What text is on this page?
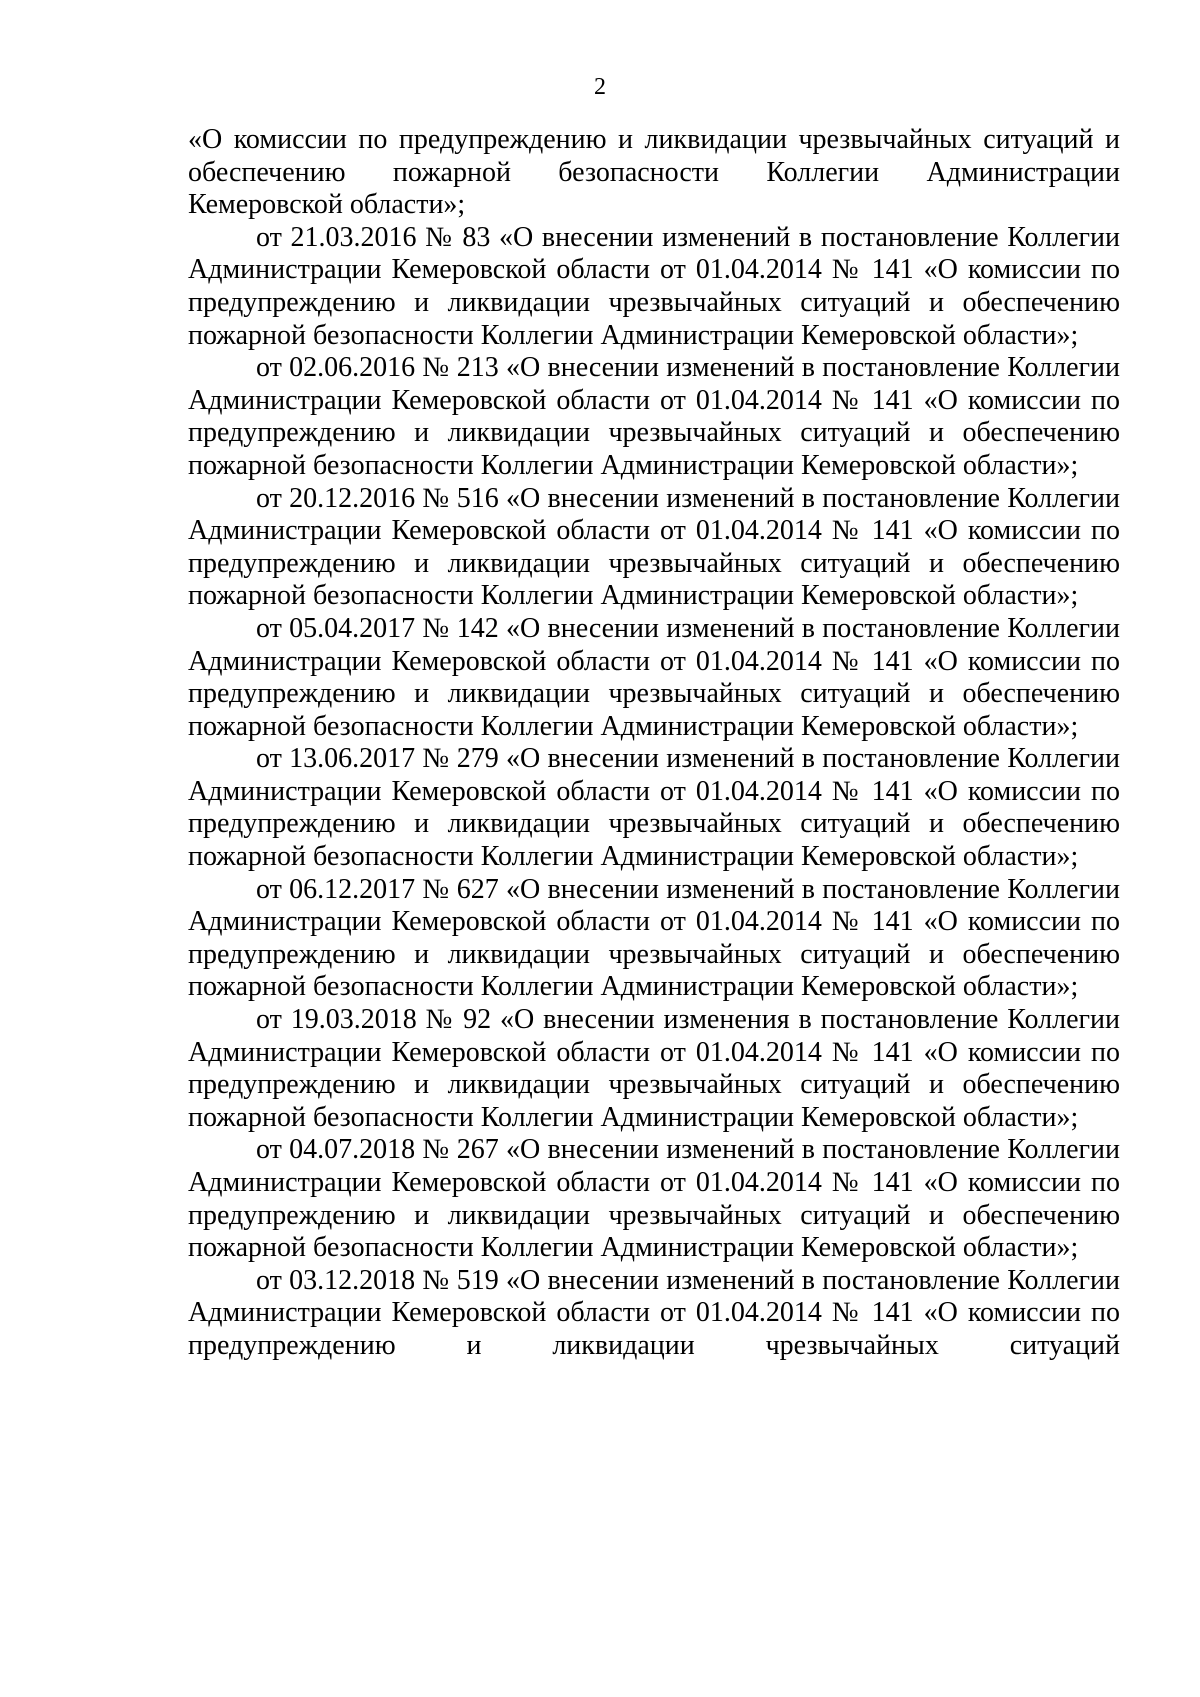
2

«О комиссии по предупреждению и ликвидации чрезвычайных ситуаций и обеспечению пожарной безопасности Коллегии Администрации Кемеровской области»;

от 21.03.2016 № 83 «О внесении изменений в постановление Коллегии Администрации Кемеровской области от 01.04.2014 № 141 «О комиссии по предупреждению и ликвидации чрезвычайных ситуаций и обеспечению пожарной безопасности Коллегии Администрации Кемеровской области»;

от 02.06.2016 № 213 «О внесении изменений в постановление Коллегии Администрации Кемеровской области от 01.04.2014 № 141 «О комиссии по предупреждению и ликвидации чрезвычайных ситуаций и обеспечению пожарной безопасности Коллегии Администрации Кемеровской области»;

от 20.12.2016 № 516 «О внесении изменений в постановление Коллегии Администрации Кемеровской области от 01.04.2014 № 141 «О комиссии по предупреждению и ликвидации чрезвычайных ситуаций и обеспечению пожарной безопасности Коллегии Администрации Кемеровской области»;

от 05.04.2017 № 142 «О внесении изменений в постановление Коллегии Администрации Кемеровской области от 01.04.2014 № 141 «О комиссии по предупреждению и ликвидации чрезвычайных ситуаций и обеспечению пожарной безопасности Коллегии Администрации Кемеровской области»;

от 13.06.2017 № 279 «О внесении изменений в постановление Коллегии Администрации Кемеровской области от 01.04.2014 № 141 «О комиссии по предупреждению и ликвидации чрезвычайных ситуаций и обеспечению пожарной безопасности Коллегии Администрации Кемеровской области»;

от 06.12.2017 № 627 «О внесении изменений в постановление Коллегии Администрации Кемеровской области от 01.04.2014 № 141 «О комиссии по предупреждению и ликвидации чрезвычайных ситуаций и обеспечению пожарной безопасности Коллегии Администрации Кемеровской области»;

от 19.03.2018 № 92 «О внесении изменения в постановление Коллегии Администрации Кемеровской области от 01.04.2014 № 141 «О комиссии по предупреждению и ликвидации чрезвычайных ситуаций и обеспечению пожарной безопасности Коллегии Администрации Кемеровской области»;

от 04.07.2018 № 267 «О внесении изменений в постановление Коллегии Администрации Кемеровской области от 01.04.2014 № 141 «О комиссии по предупреждению и ликвидации чрезвычайных ситуаций и обеспечению пожарной безопасности Коллегии Администрации Кемеровской области»;

от 03.12.2018 № 519 «О внесении изменений в постановление Коллегии Администрации Кемеровской области от 01.04.2014 № 141 «О комиссии по предупреждению и ликвидации чрезвычайных ситуаций
